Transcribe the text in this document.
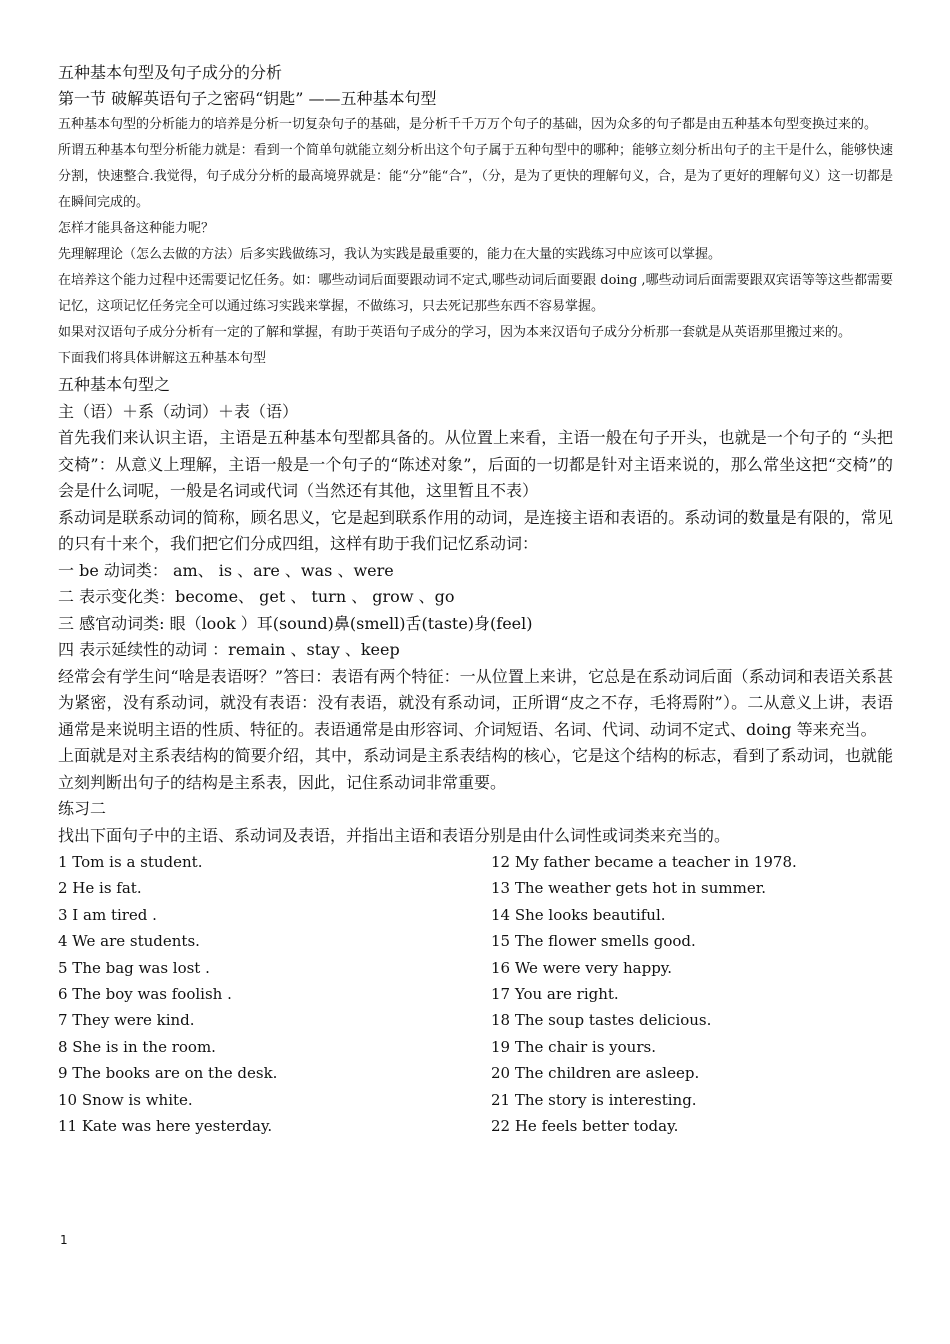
五种基本句型及句子成分的分析
第一节 破解英语句子之密码“钥匙” ——五种基本句型
五种基本句型的分析能力的培养是分析一切复杂句子的基础，是分析千千万万个句子的基础，因为众多的句子都是由五种基本句型变换过来的。
所谓五种基本句型分析能力就是：看到一个简单句就能立刻分析出这个句子属于五种句型中的哪种；能够立刻分析出句子的主干是什么，能够快速分割，快速整合.我觉得，句子成分分析的最高境界就是：能“分”能“合”，（分，是为了更快的理解句义，合，是为了更好的理解句义）这一切都是在瞬间完成的。
怎样才能具备这种能力呢？
先理解理论（怎么去做的方法）后多实践做练习，我认为实践是最重要的，能力在大量的实践练习中应该可以掌握。
在培养这个能力过程中还需要记忆任务。如：哪些动词后面要跟动词不定式,哪些动词后面要跟 doing ,哪些动词后面需要跟双宾语等等这些都需要记忆，这项记忆任务完全可以通过练习实践来掌握，不做练习，只去死记那些东西不容易掌握。
如果对汉语句子成分分析有一定的了解和掌握，有助于英语句子成分的学习，因为本来汉语句子成分分析那一套就是从英语那里搬过来的。
下面我们将具体讲解这五种基本句型
五种基本句型之
主（语）＋系（动词）＋表（语）
首先我们来认识主语，主语是五种基本句型都具备的。从位置上来看，主语一般在句子开头，也就是一个句子的 “头把交椅”：从意义上理解，主语一般是一个句子的“陈述对象”，后面的一切都是针对主语来说的，那么常坐这把“交椅”的会是什么词呢，一般是名词或代词（当然还有其他，这里暂且不表）
系动词是联系动词的简称，顾名思义，它是起到联系作用的动词，是连接主语和表语的。系动词的数量是有限的，常见的只有十来个，我们把它们分成四组，这样有助于我们记忆系动词：
一 be 动词类： am、 is 、are 、was 、were
二 表示变化类：become、 get 、 turn 、 grow 、go
三 感官动词类: 眼（look ）耳(sound)鼻(smell)舌(taste)身(feel)
四 表示延续性的动词 ：remain 、stay 、keep
经常会有学生问“啥是表语呀？”答曰：表语有两个特征：一从位置上来讲，它总是在系动词后面（系动词和表语关系甚为紧密，没有系动词，就没有表语：没有表语，就没有系动词，正所谓“皮之不存，毛将焉附”）。二从意义上讲，表语通常是来说明主语的性质、特征的。表语通常是由形容词、介词短语、名词、代词、动词不定式、doing 等来充当。
上面就是对主系表结构的简要介绍，其中，系动词是主系表结构的核心，它是这个结构的标志，看到了系动词，也就能立刻判断出句子的结构是主系表，因此，记住系动词非常重要。
练习二
找出下面句子中的主语、系动词及表语，并指出主语和表语分别是由什么词性或词类来充当的。
1 Tom is a student.
2 He is fat.
3 I am tired .
4 We are students.
5 The bag was lost .
6 The boy was foolish .
7 They were kind.
8 She is in the room.
9 The books are on the desk.
10 Snow is white.
11 Kate was here yesterday.
12 My father became a teacher in 1978.
13 The weather gets hot in summer.
14 She looks beautiful.
15 The flower smells good.
16 We were very happy.
17 You are right.
18 The soup tastes delicious.
19 The chair is yours.
20 The children are asleep.
21 The story is interesting.
22 He feels better today.
1
